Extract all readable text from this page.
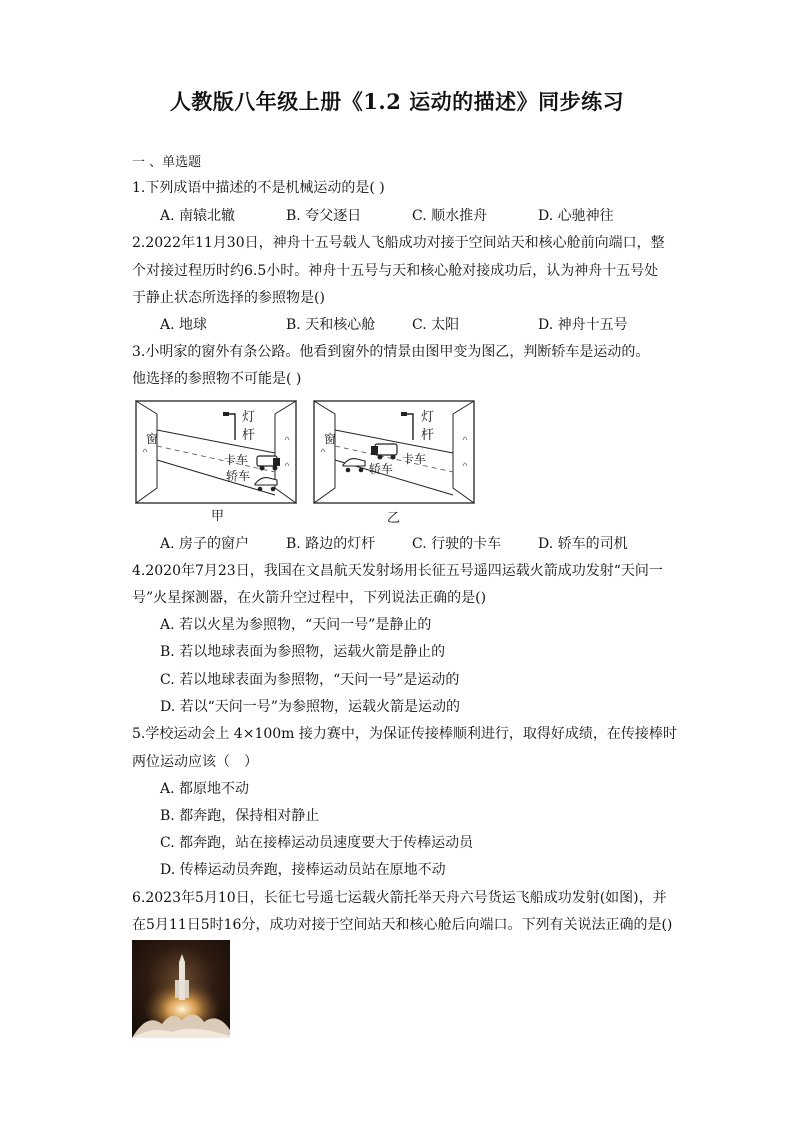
人教版八年级上册《1.2 运动的描述》同步练习
一 、单选题
1.下列成语中描述的不是机械运动的是( )
A. 南辕北辙	B. 夸父逐日	C. 顺水推舟	D. 心驰神往
2.2022年11月30日，神舟十五号载人飞船成功对接于空间站天和核心舱前向端口，整
个对接过程历时约6.5小时。神舟十五号与天和核心舱对接成功后，认为神舟十五号处
于静止状态所选择的参照物是()
A. 地球	B. 天和核心舱	C. 太阳	D. 神舟十五号
3.小明家的窗外有条公路。他看到窗外的情景由图甲变为图乙，判断轿车是运动的。
他选择的参照物不可能是( )
窗
灯
杆
卡车
轿车
甲
窗
灯
杆
卡车
轿车
乙
A. 房子的窗户	B. 路边的灯杆	C. 行驶的卡车	D. 轿车的司机
4.2020年7月23日，我国在文昌航天发射场用长征五号遥四运载火箭成功发射“天问一
号”火星探测器，在火箭升空过程中，下列说法正确的是()
A. 若以火星为参照物，“天问一号”是静止的
B. 若以地球表面为参照物，运载火箭是静止的
C. 若以地球表面为参照物，“天问一号”是运动的
D. 若以“天问一号”为参照物，运载火箭是运动的
5.学校运动会上 4×100m 接力赛中，为保证传接棒顺利进行，取得好成绩，在传接棒时
两位运动应该（　）
A. 都原地不动
B. 都奔跑，保持相对静止
C. 都奔跑，站在接棒运动员速度要大于传棒运动员
D. 传棒运动员奔跑，接棒运动员站在原地不动
6.2023年5月10日，长征七号遥七运载火箭托举天舟六号货运飞船成功发射(如图)，并
在5月11日5时16分，成功对接于空间站天和核心舱后向端口。下列有关说法正确的是()
